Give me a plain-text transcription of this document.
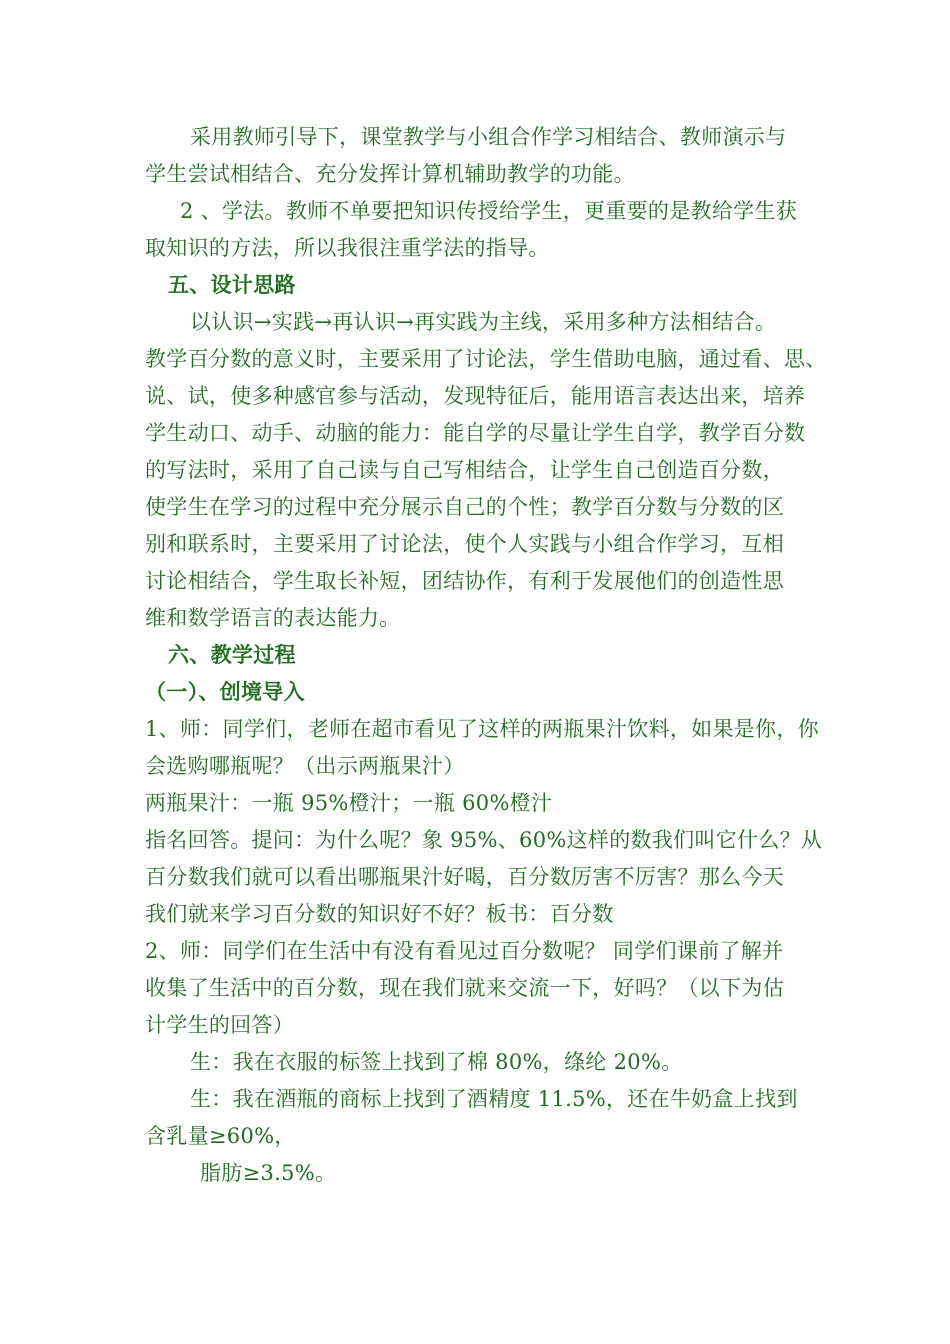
采用教师引导下，课堂教学与小组合作学习相结合、教师演示与
学生尝试相结合、充分发挥计算机辅助教学的功能。
2 、学法。教师不单要把知识传授给学生，更重要的是教给学生获
取知识的方法，所以我很注重学法的指导。
五、设计思路
以认识→实践→再认识→再实践为主线，采用多种方法相结合。
教学百分数的意义时，主要采用了讨论法，学生借助电脑，通过看、思、
说、试，使多种感官参与活动，发现特征后，能用语言表达出来，培养
学生动口、动手、动脑的能力：能自学的尽量让学生自学，教学百分数
的写法时，采用了自己读与自己写相结合，让学生自己创造百分数，
使学生在学习的过程中充分展示自己的个性；教学百分数与分数的区
别和联系时，主要采用了讨论法，使个人实践与小组合作学习，互相
讨论相结合，学生取长补短，团结协作，有利于发展他们的创造性思
维和数学语言的表达能力。
六、教学过程
（一）、创境导入
1、师：同学们，老师在超市看见了这样的两瓶果汁饮料，如果是你，你
会选购哪瓶呢？（出示两瓶果汁）
两瓶果汁：一瓶 95%橙汁；一瓶 60%橙汁
指名回答。提问：为什么呢？象 95%、60%这样的数我们叫它什么？从
百分数我们就可以看出哪瓶果汁好喝，百分数厉害不厉害？那么今天
我们就来学习百分数的知识好不好？板书：百分数
2、师：同学们在生活中有没有看见过百分数呢？ 同学们课前了解并
收集了生活中的百分数，现在我们就来交流一下，好吗？（以下为估
计学生的回答）
生：我在衣服的标签上找到了棉 80%，绦纶 20%。
生：我在酒瓶的商标上找到了酒精度 11.5%，还在牛奶盒上找到
含乳量≥60%，
脂肪≥3.5%。
